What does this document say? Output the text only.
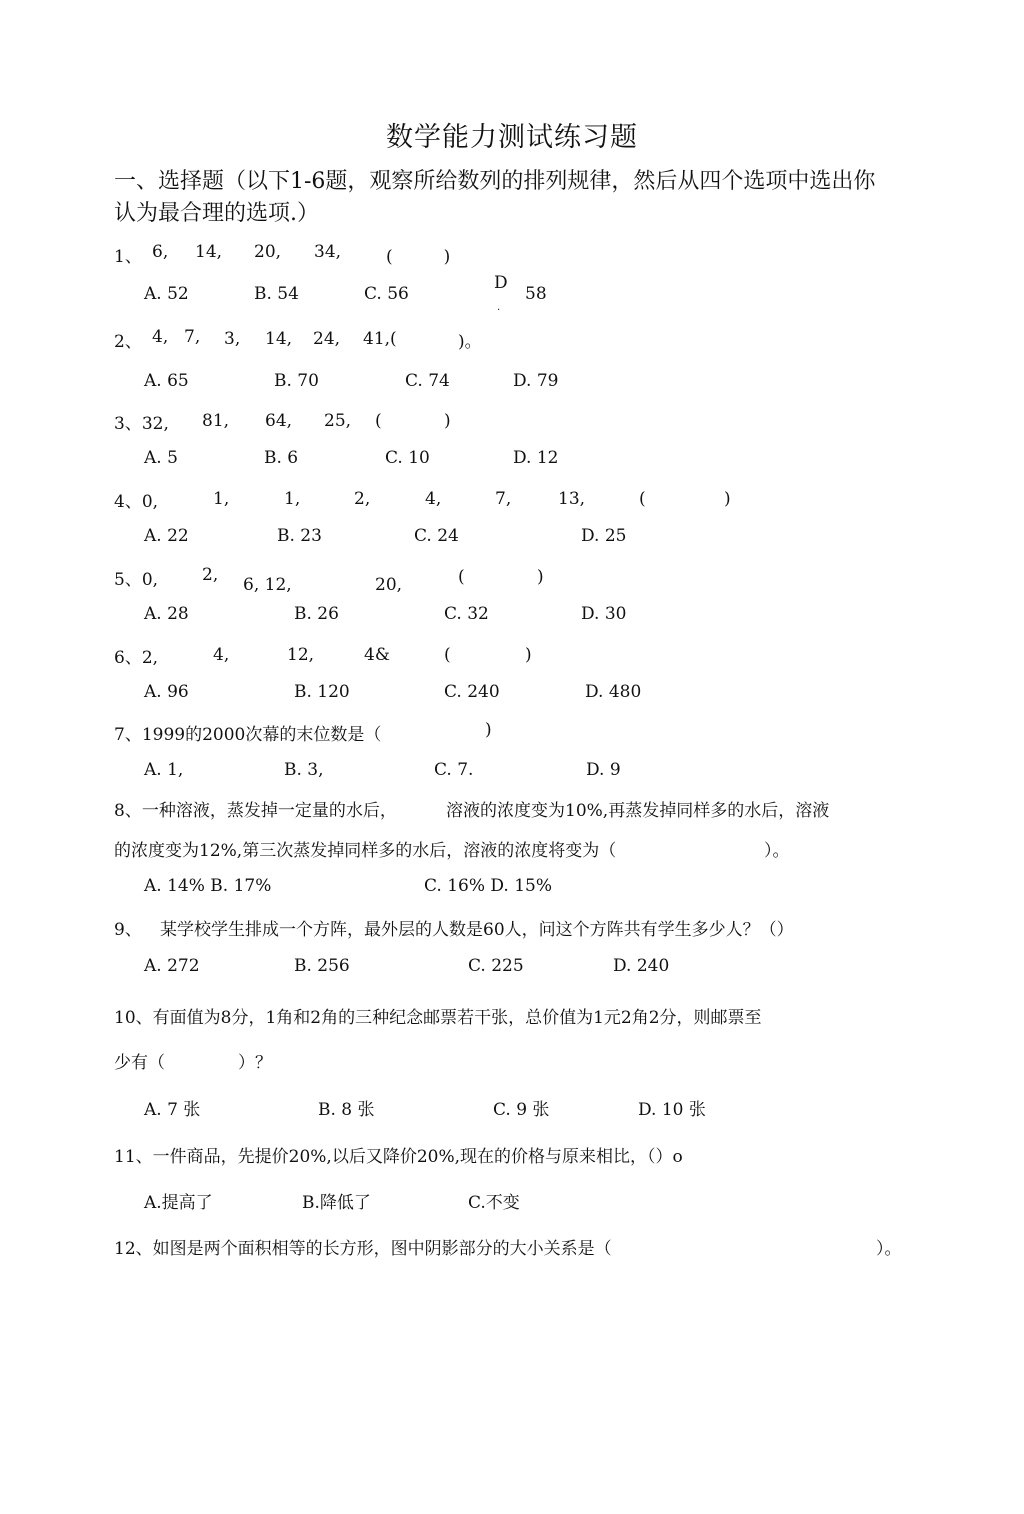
数学能力测试练习题
一、选择题（以下1-6题，观察所给数列的排列规律，然后从四个选项中选出你
认为最合理的选项.）
1、 6, 14, 20, 34,	(　　　)
A. 52	B. 54	C. 56
D
.
58
2、 4, 7, 3, 14, 24, 41,(	)。
A. 65	B. 70	C. 74	D. 79
3、32, 81, 64, 25, (	)
A. 5	B. 6	C. 10	D. 12
4、0,	1,	1,	2,	4,	7,	13,	(	)
A. 22	B. 23	C. 24	D. 25
5、0,	2, 6, 12,	20,	(	)
A. 28	B. 26	C. 32	D. 30
6、2,	4,	12,	4&	(	)
A. 96	B. 120	C. 240	D. 480
7、1999的2000次幕的末位数是（	)
A. 1,	B. 3,	C. 7.	D. 9
8、一种溶液，蒸发掉一定量的水后，	溶液的浓度变为10%,再蒸发掉同样多的水后，溶液
的浓度变为12%,第三次蒸发掉同样多的水后，溶液的浓度将变为（	）。
A. 14% B. 17%	C. 16% D. 15%
9、 某学校学生排成一个方阵，最外层的人数是60人，问这个方阵共有学生多少人？（）
A. 272	B. 256	C. 225	D. 240
10、有面值为8分，1角和2角的三种纪念邮票若干张，总价值为1元2角2分，则邮票至
少有（	）？
A. 7 张	B. 8 张	C. 9 张	D. 10 张
11、一件商品，先提价20%,以后又降价20%,现在的价格与原来相比，（）o
A.提高了	B.降低了	C.不变
12、如图是两个面积相等的长方形，图中阴影部分的大小关系是（	）。
